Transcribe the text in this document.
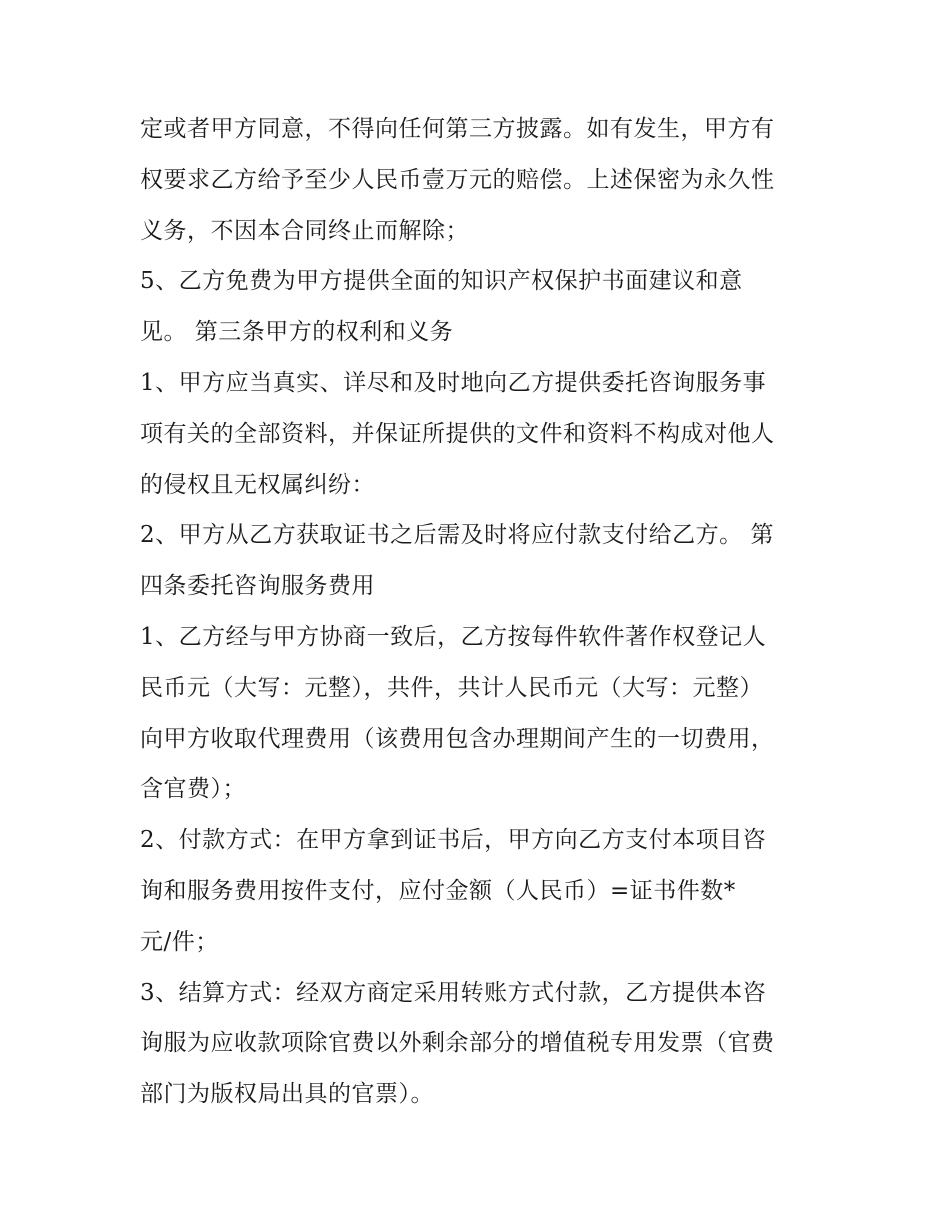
定或者甲方同意，不得向任何第三方披露。如有发生，甲方有
权要求乙方给予至少人民币壹万元的赔偿。上述保密为永久性
义务，不因本合同终止而解除；
5、乙方免费为甲方提供全面的知识产权保护书面建议和意
见。 第三条甲方的权利和义务
1、甲方应当真实、详尽和及时地向乙方提供委托咨询服务事
项有关的全部资料，并保证所提供的文件和资料不构成对他人
的侵权且无权属纠纷：
2、甲方从乙方获取证书之后需及时将应付款支付给乙方。 第
四条委托咨询服务费用
1、乙方经与甲方协商一致后，乙方按每件软件著作权登记人
民币元（大写：元整），共件，共计人民币元（大写：元整）
向甲方收取代理费用（该费用包含办理期间产生的一切费用，
含官费）；
2、付款方式：在甲方拿到证书后，甲方向乙方支付本项目咨
询和服务费用按件支付，应付金额（人民币）=证书件数*
元/件；
3、结算方式：经双方商定采用转账方式付款，乙方提供本咨
询服为应收款项除官费以外剩余部分的增值税专用发票（官费
部门为版权局出具的官票）。
